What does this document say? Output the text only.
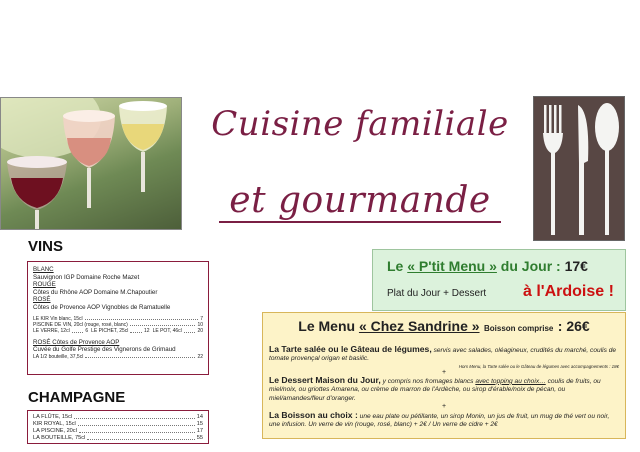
Cuisine familiale
et gourmande
VINS
BLANC
Sauvignon IGP Domaine Roche Mazet
ROUGE
Côtes du Rhône AOP Domaine M.Chapoutier
ROSÉ
Côtes de Provence AOP Vignobles de Ramatuelle
LE KIR Vin blanc, 15cl	7
PISCINE DE VIN, 20cl (rouge, rosé, blanc)	10
LE VERRE, 12cl	6 LE PICHET, 25cl	12 LE POT, 46cl	20
ROSÉ Côtes de Provence AOP
Cuvée du Golfe Prestige des Vignerons de Grimaud
LA 1/2 bouteille, 37,5cl	22
CHAMPAGNE
LA FLÛTE, 15cl	14
KIR ROYAL, 15cl	15
LA PISCINE, 20cl	17
LA BOUTEILLE, 75cl	55
Le « P'tit Menu » du Jour : 17€
Plat du Jour + Dessert à l'Ardoise !
Le Menu « Chez Sandrine » Boisson comprise : 26€
La Tarte salée ou le Gâteau de légumes, servis avec salades, oléagineux, crudités du marché, coulis de tomate provençal origan et basilic.
Hors Menu, la Tarte salée ou le Gâteau de légumes avec accompagnements : 18€
+
Le Dessert Maison du Jour, y compris nos fromages blancs avec topping au choix… coulis de fruits, ou miel/noix, ou griottes Amarena, ou crème de marron de l'Ardèche, ou sirop d'érable/noix de pécan, ou miel/amandes/fleur d'oranger.
+
La Boisson au choix : une eau plate ou pétillante, un sirop Monin, un jus de fruit, un mug de thé vert ou noir, une infusion. Un verre de vin (rouge, rosé, blanc) + 2€ / Un verre de cidre + 2€
